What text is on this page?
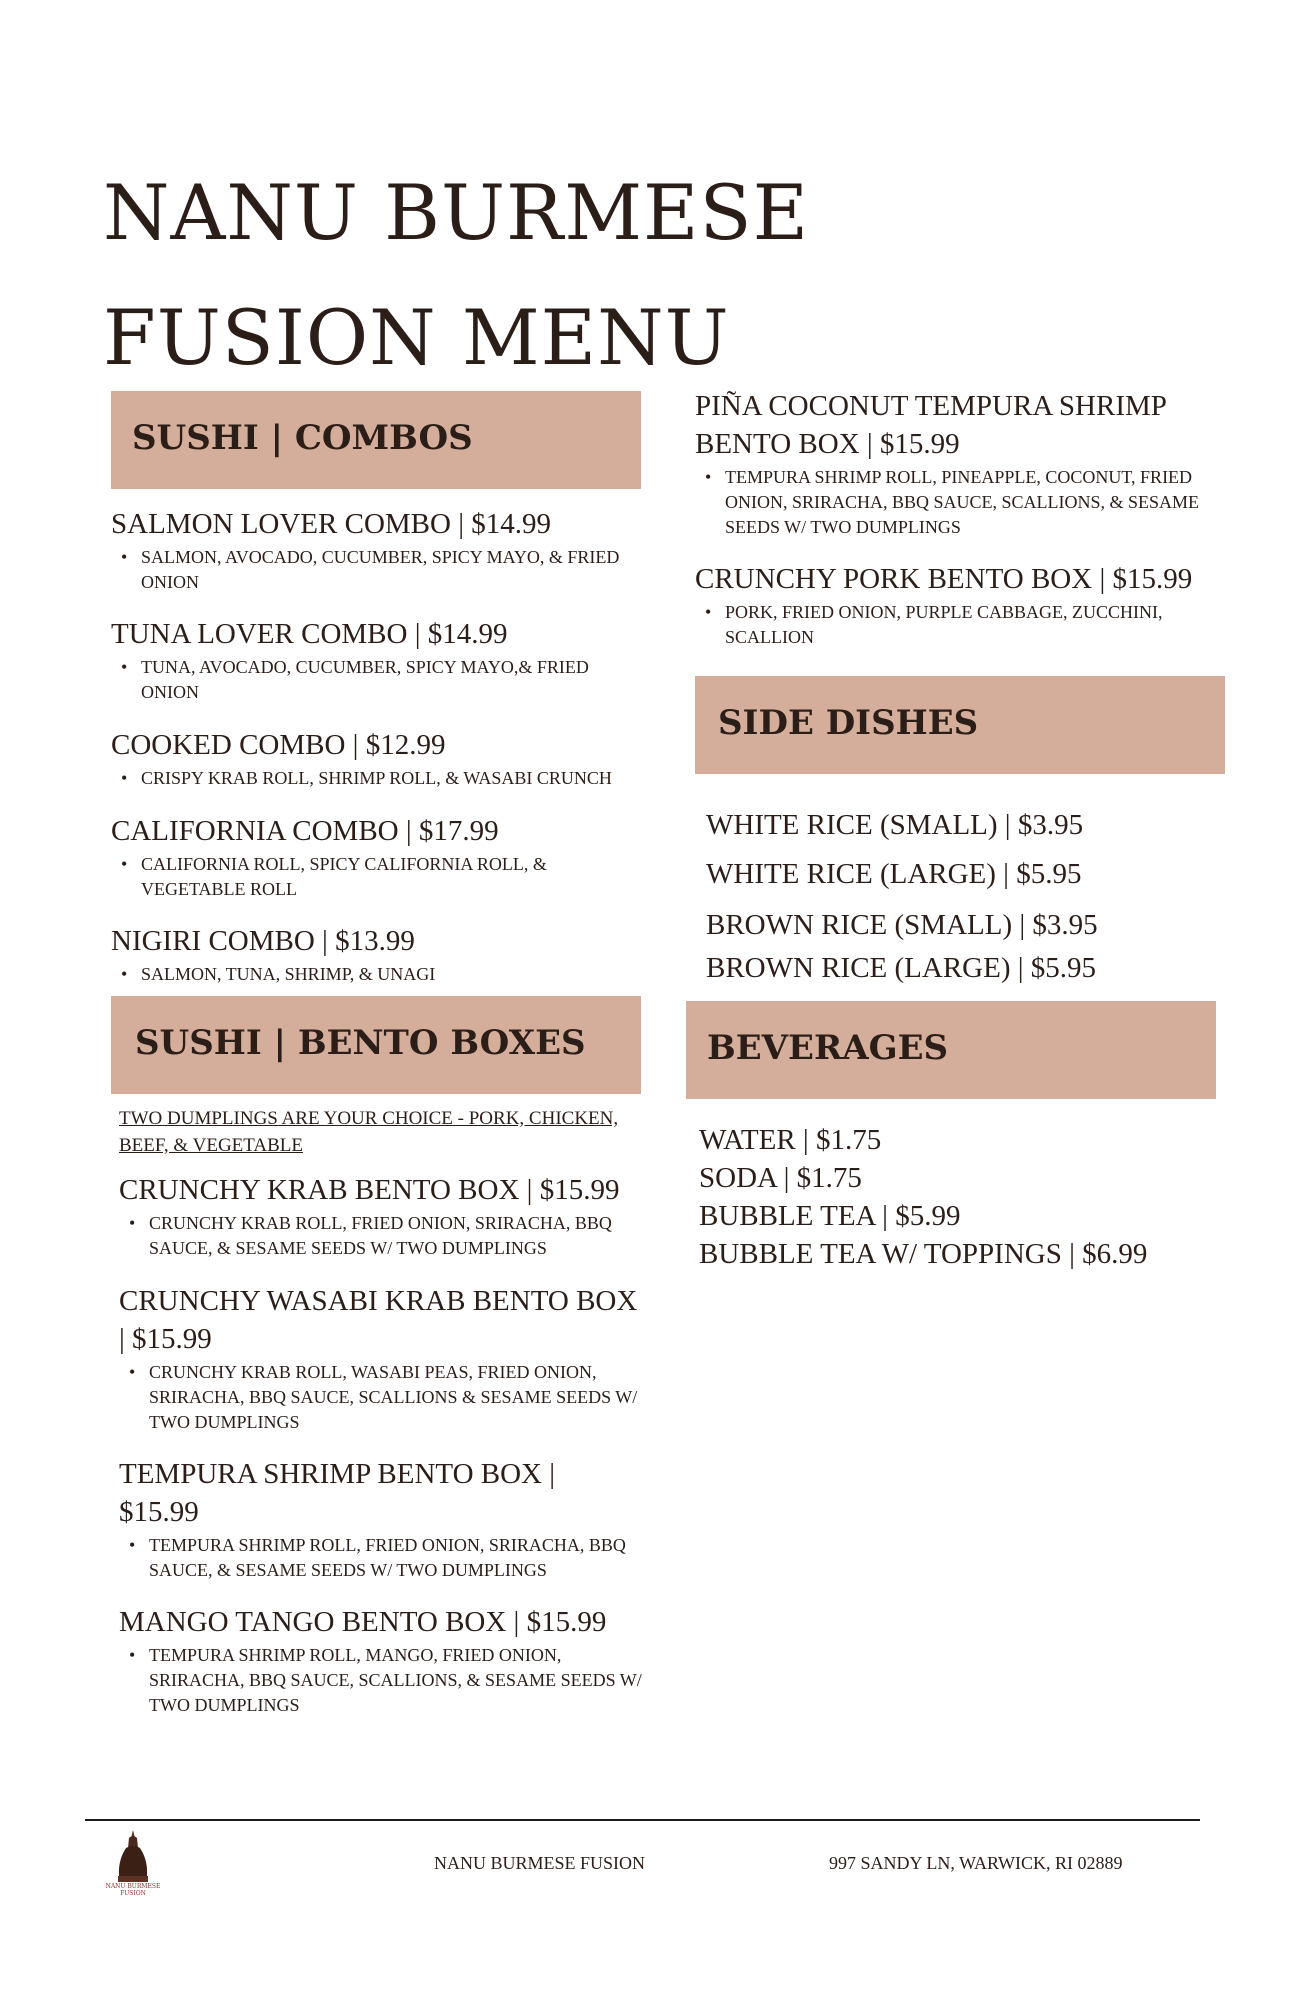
NANU BURMESE
FUSION MENU
SUSHI | COMBOS
SALMON LOVER COMBO | $14.99
• SALMON, AVOCADO, CUCUMBER, SPICY MAYO, & FRIED ONION
TUNA LOVER COMBO | $14.99
• TUNA, AVOCADO, CUCUMBER, SPICY MAYO,& FRIED ONION
COOKED COMBO | $12.99
• CRISPY KRAB ROLL, SHRIMP ROLL, & WASABI CRUNCH
CALIFORNIA COMBO | $17.99
• CALIFORNIA ROLL, SPICY CALIFORNIA ROLL, & VEGETABLE ROLL
NIGIRI COMBO | $13.99
• SALMON, TUNA, SHRIMP, & UNAGI
SUSHI | BENTO BOXES
TWO DUMPLINGS ARE YOUR CHOICE - PORK, CHICKEN, BEEF, & VEGETABLE
CRUNCHY KRAB BENTO BOX | $15.99
• CRUNCHY KRAB ROLL, FRIED ONION, SRIRACHA, BBQ SAUCE, & SESAME SEEDS W/ TWO DUMPLINGS
CRUNCHY WASABI KRAB BENTO BOX | $15.99
• CRUNCHY KRAB ROLL, WASABI PEAS, FRIED ONION, SRIRACHA, BBQ SAUCE, SCALLIONS & SESAME SEEDS W/ TWO DUMPLINGS
TEMPURA SHRIMP BENTO BOX | $15.99
• TEMPURA SHRIMP ROLL, FRIED ONION, SRIRACHA, BBQ SAUCE, & SESAME SEEDS W/ TWO DUMPLINGS
MANGO TANGO BENTO BOX | $15.99
• TEMPURA SHRIMP ROLL, MANGO, FRIED ONION, SRIRACHA, BBQ SAUCE, SCALLIONS, & SESAME SEEDS W/ TWO DUMPLINGS
PIÑA COCONUT TEMPURA SHRIMP BENTO BOX | $15.99
• TEMPURA SHRIMP ROLL, PINEAPPLE, COCONUT, FRIED ONION, SRIRACHA, BBQ SAUCE, SCALLIONS, & SESAME SEEDS W/ TWO DUMPLINGS
CRUNCHY PORK BENTO BOX | $15.99
• PORK, FRIED ONION, PURPLE CABBAGE, ZUCCHINI, SCALLION
SIDE DISHES
WHITE RICE (SMALL) | $3.95
WHITE RICE (LARGE) | $5.95
BROWN RICE (SMALL) | $3.95
BROWN RICE (LARGE) | $5.95
BEVERAGES
WATER | $1.75
SODA | $1.75
BUBBLE TEA | $5.99
BUBBLE TEA W/ TOPPINGS | $6.99
NANU BURMESE
FUSION
NANU BURMESE FUSION	997 SANDY LN, WARWICK, RI 02889
